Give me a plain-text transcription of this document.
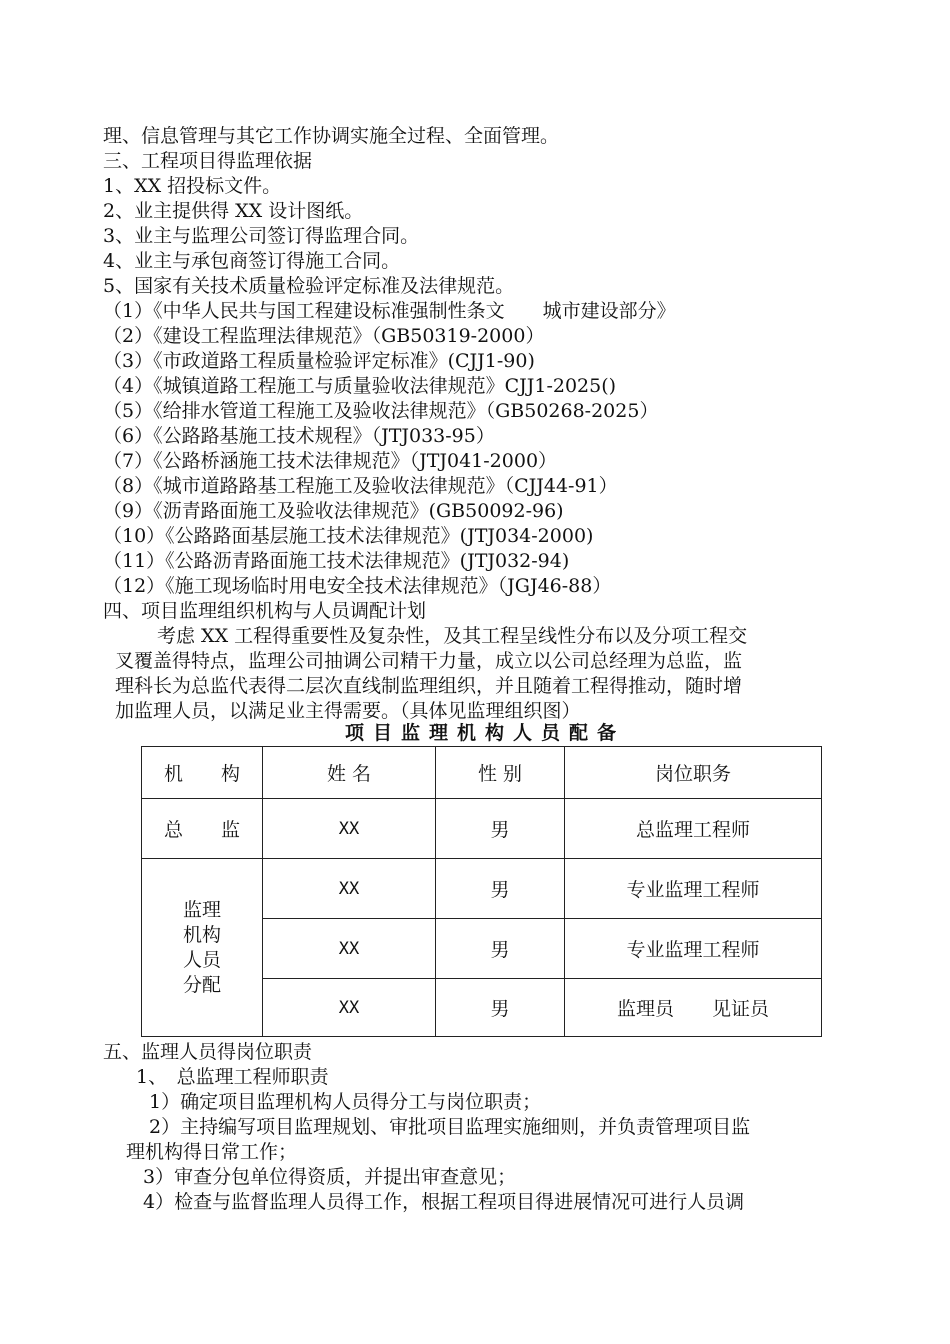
理、信息管理与其它工作协调实施全过程、全面管理。
三、工程项目得监理依据
1、XX 招投标文件。
2、业主提供得 XX 设计图纸。
3、业主与监理公司签订得监理合同。
4、业主与承包商签订得施工合同。
5、国家有关技术质量检验评定标准及法律规范。
（1）《中华人民共与国工程建设标准强制性条文　　城市建设部分》
（2）《建设工程监理法律规范》（GB50319-2000）
（3）《市政道路工程质量检验评定标准》(CJJ1-90)
（4）《城镇道路工程施工与质量验收法律规范》CJJ1-2025()
（5）《给排水管道工程施工及验收法律规范》（GB50268-2025）
（6）《公路路基施工技术规程》（JTJ033-95）
（7）《公路桥涵施工技术法律规范》（JTJ041-2000）
（8）《城市道路路基工程施工及验收法律规范》（CJJ44-91）
（9）《沥青路面施工及验收法律规范》(GB50092-96)
（10）《公路路面基层施工技术法律规范》(JTJ034-2000)
（11）《公路沥青路面施工技术法律规范》(JTJ032-94)
（12）《施工现场临时用电安全技术法律规范》（JGJ46-88）
四、项目监理组织机构与人员调配计划
考虑 XX 工程得重要性及复杂性，及其工程呈线性分布以及分项工程交
叉覆盖得特点，监理公司抽调公司精干力量，成立以公司总经理为总监，监
理科长为总监代表得二层次直线制监理组织，并且随着工程得推动，随时增
加监理人员，以满足业主得需要。（具体见监理组织图）
项目监理机构人员配备
机　　构	姓 名	性 别	岗位职务
总　　监	XX	男	总监理工程师

监理
机构
人员
分配	XX	男	专业监理工程师
	XX	男	专业监理工程师
	XX	男	监理员　　见证员
五、监理人员得岗位职责
1、　总监理工程师职责
1）确定项目监理机构人员得分工与岗位职责；
2）主持编写项目监理规划、审批项目监理实施细则，并负责管理项目监
理机构得日常工作；
3）审查分包单位得资质，并提出审查意见；
4）检查与监督监理人员得工作，根据工程项目得进展情况可进行人员调
